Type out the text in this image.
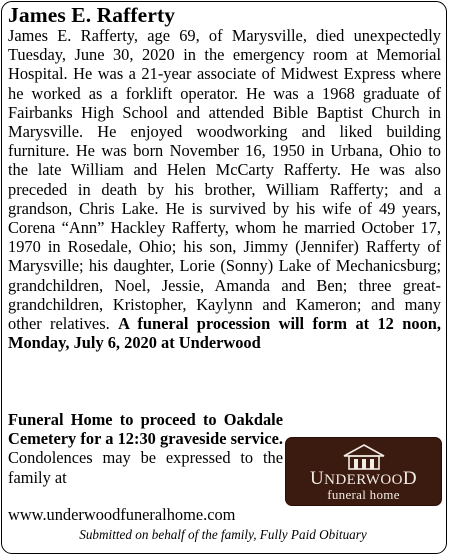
James E. Rafferty

James E. Rafferty, age 69, of Marysville, died unexpectedly Tuesday, June 30, 2020 in the emergency room at Memorial Hospital. He was a 21-year associate of Midwest Express where he worked as a forklift operator. He was a 1968 graduate of Fairbanks High School and attended Bible Baptist Church in Marysville. He enjoyed woodworking and liked building furniture. He was born November 16, 1950 in Urbana, Ohio to the late William and Helen McCarty Rafferty. He was also preceded in death by his brother, William Rafferty; and a grandson, Chris Lake. He is survived by his wife of 49 years, Corena “Ann” Hackley Rafferty, whom he married October 17, 1970 in Rosedale, Ohio; his son, Jimmy (Jennifer) Rafferty of Marysville; his daughter, Lorie (Sonny) Lake of Mechanicsburg; grandchildren, Noel, Jessie, Amanda and Ben; three great-grandchildren, Kristopher, Kaylynn and Kameron; and many other relatives. A funeral procession will form at 12 noon, Monday, July 6, 2020 at Underwood

Funeral Home to proceed to Oakdale Cemetery for a 12:30 graveside service. Condolences may be expressed to the family at	UNDERWOOD
funeral home

www.underwoodfuneralhome.com

Submitted on behalf of the family, Fully Paid Obituary
